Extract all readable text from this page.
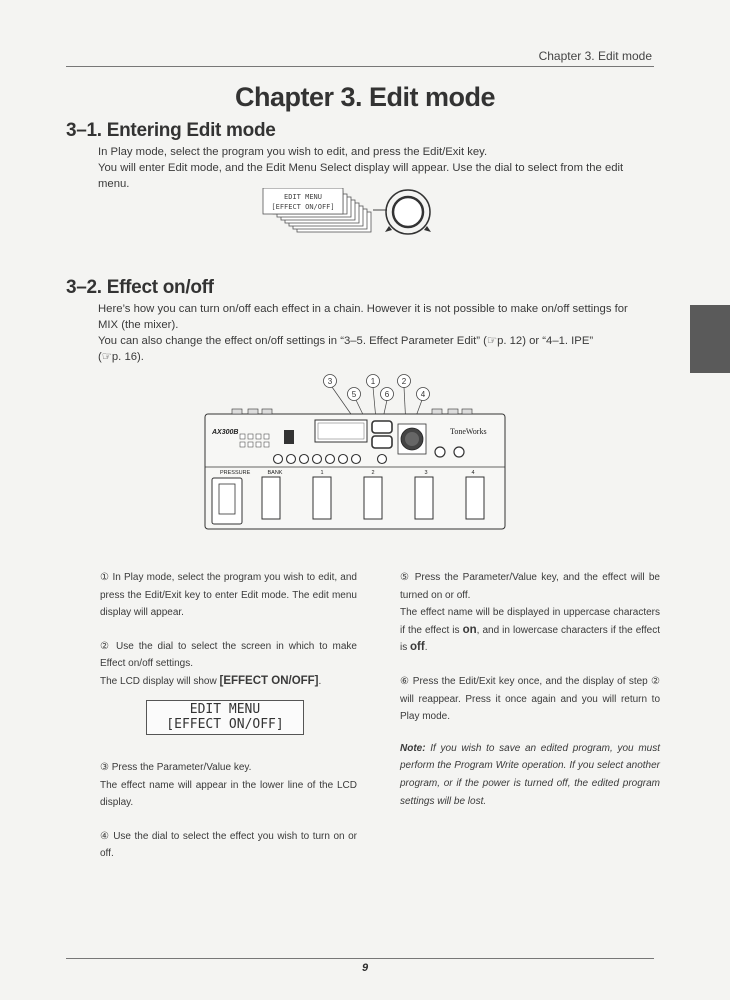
Chapter 3. Edit mode
Chapter 3. Edit mode
3–1. Entering Edit mode
In Play mode, select the program you wish to edit, and press the Edit/Exit key.
You will enter Edit mode, and the Edit Menu Select display will appear. Use the dial to select from the edit
menu.
EDIT MENU
[EFFECT ON/OFF]
3–2. Effect on/off
Here’s how you can turn on/off each effect in a chain. However it is not possible to make on/off settings for
MIX (the mixer).
You can also change the effect on/off settings in “3–5. Effect Parameter Edit” (☞p. 12) or “4–1. IPE”
(☞p. 16).
3
5
1
6
2
4
AX300B	ToneWorks
PRESSURE	BANK	1	2	3	4

① In Play mode, select the program you wish to edit, and press the Edit/Exit key to enter Edit mode. The edit menu display will appear.

② Use the dial to select the screen in which to make Effect on/off settings.
The LCD display will show [EFFECT ON/OFF].

EDIT MENU
[EFFECT ON/OFF]

③ Press the Parameter/Value key.
The effect name will appear in the lower line of the LCD display.

④ Use the dial to select the effect you wish to turn on or off.

⑤ Press the Parameter/Value key, and the effect will be turned on or off.

The effect name will be displayed in uppercase characters if the effect is on, and in lowercase characters if the effect is off.

⑥ Press the Edit/Exit key once, and the display of step ② will reappear. Press it once again and you will return to Play mode.

Note: If you wish to save an edited program, you must perform the Program Write operation. If you select another program, or if the power is turned off, the edited program settings will be lost.

9
